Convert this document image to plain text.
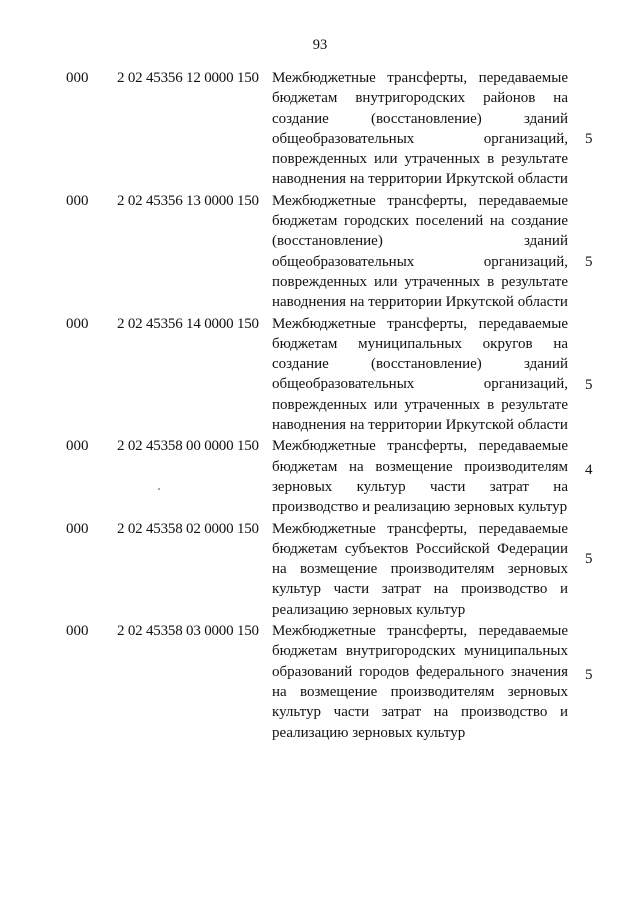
93
000 2 02 45356 12 0000 150 Межбюджетные трансферты, передаваемые бюджетам внутригородских районов на создание (восстановление) зданий общеобразовательных организаций, поврежденных или утраченных в результате наводнения на территории Иркутской области
5
000 2 02 45356 13 0000 150 Межбюджетные трансферты, передаваемые бюджетам городских поселений на создание (восстановление) зданий общеобразовательных организаций, поврежденных или утраченных в результате наводнения на территории Иркутской области
5
000 2 02 45356 14 0000 150 Межбюджетные трансферты, передаваемые бюджетам муниципальных округов на создание (восстановление) зданий общеобразовательных организаций, поврежденных или утраченных в результате наводнения на территории Иркутской области
5
000 2 02 45358 00 0000 150 Межбюджетные трансферты, передаваемые бюджетам на возмещение производителям зерновых культур части затрат на производство и реализацию зерновых культур
4
000 2 02 45358 02 0000 150 Межбюджетные трансферты, передаваемые бюджетам субъектов Российской Федерации на возмещение производителям зерновых культур части затрат на производство и реализацию зерновых культур
5
000 2 02 45358 03 0000 150 Межбюджетные трансферты, передаваемые бюджетам внутригородских муниципальных образований городов федерального значения на возмещение производителям зерновых культур части затрат на производство и реализацию зерновых культур
5
